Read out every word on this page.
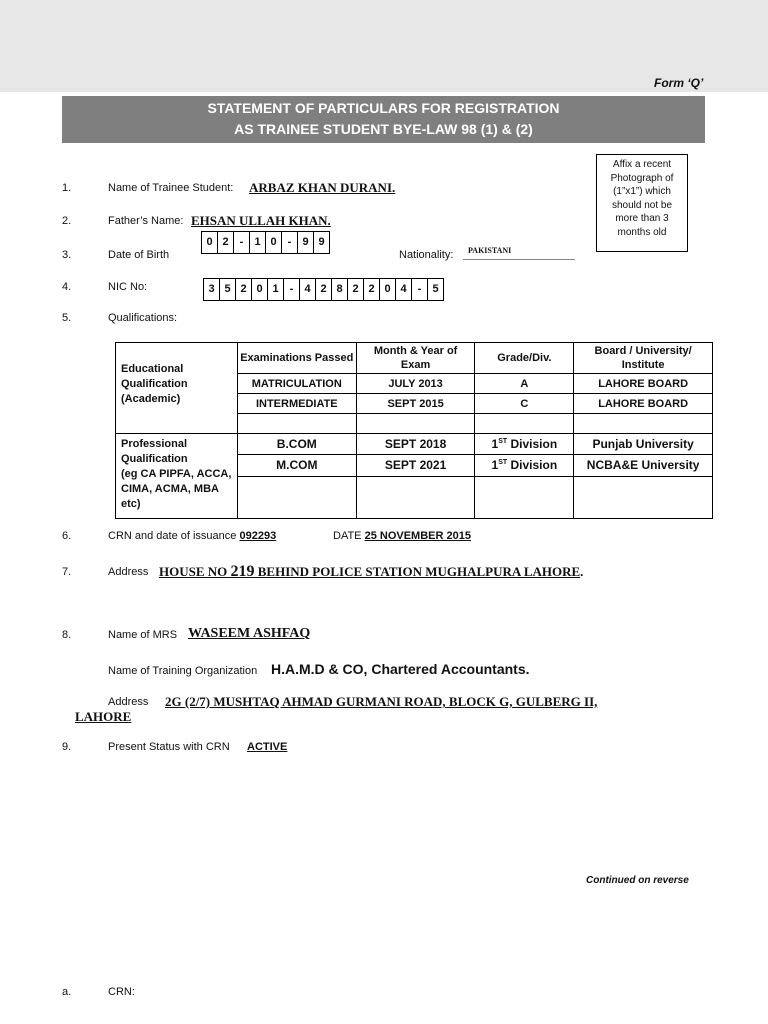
Form ‘Q’
STATEMENT OF PARTICULARS FOR REGISTRATION
AS TRAINEE STUDENT BYE-LAW 98 (1) & (2)
Affix a recent
Photograph of
(1”x1”) which
should not be
more than 3
months old
1.	Name of Trainee Student: ARBAZ KHAN DURANI.
2.	Father’s Name: EHSAN ULLAH KHAN.
3.	Date of Birth
0 2	-	1 0	-	9 9
Nationality: PAKISTANI
4.	NIC No:	3 5 2 0 1	-	4 2 8 2 2 0 4	-	5
5.	Qualifications:
Educational
Qualification
(Academic)	Examinations Passed	Month & Year of Exam	Grade/Div.	Board / University/ Institute
	MATRICULATION	JULY 2013	A	LAHORE BOARD
	INTERMEDIATE	SEPT 2015	C	LAHORE BOARD

Professional
Qualification
(eg CA PIPFA, ACCA,
CIMA, ACMA, MBA
etc)	B.COM	SEPT 2018	1ST Division	Punjab University
	M.COM	SEPT 2021	1ST Division	NCBA&E University

6.	CRN and date of issuance 092293	DATE 25 NOVEMBER 2015
7.	Address HOUSE NO 219 BEHIND POLICE STATION MUGHALPURA LAHORE.
8.	Name of MRS WASEEM ASHFAQ
Name of Training Organization H.A.M.D & CO, Chartered Accountants.
Address 2G (2/7) MUSHTAQ AHMAD GURMANI ROAD, BLOCK G, GULBERG II,
LAHORE
9.	Present Status with CRN ACTIVE
Continued on reverse
a.	CRN:
